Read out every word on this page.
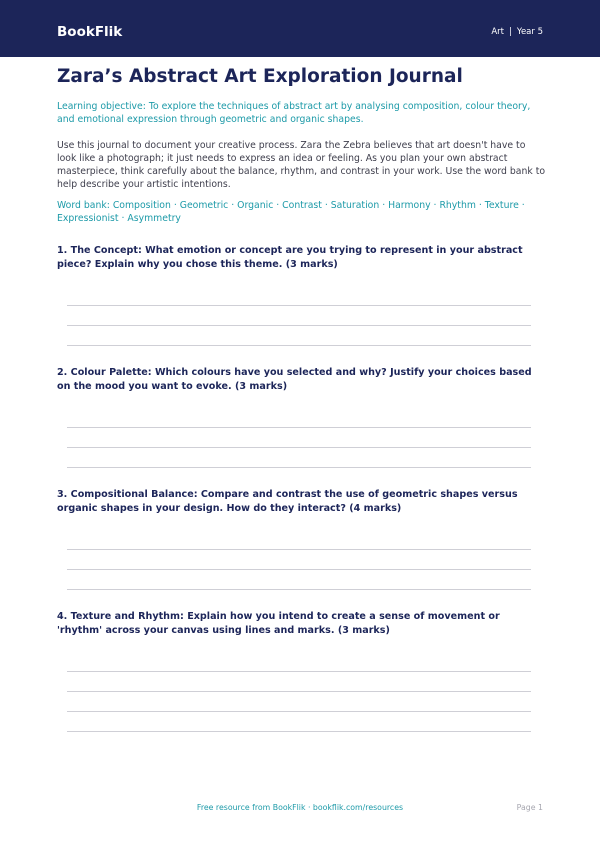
BookFlik	Art | Year 5
Zara’s Abstract Art Exploration Journal

Learning objective: To explore the techniques of abstract art by analysing composition, colour theory, and emotional expression through geometric and organic shapes.

Use this journal to document your creative process. Zara the Zebra believes that art doesn't have to look like a photograph; it just needs to express an idea or feeling. As you plan your own abstract masterpiece, think carefully about the balance, rhythm, and contrast in your work. Use the word bank to help describe your artistic intentions.

Word bank: Composition · Geometric · Organic · Contrast · Saturation · Harmony · Rhythm · Texture · Expressionist · Asymmetry

1. The Concept: What emotion or concept are you trying to represent in your abstract piece? Explain why you chose this theme. (3 marks)

2. Colour Palette: Which colours have you selected and why? Justify your choices based on the mood you want to evoke. (3 marks)

3. Compositional Balance: Compare and contrast the use of geometric shapes versus organic shapes in your design. How do they interact? (4 marks)

4. Texture and Rhythm: Explain how you intend to create a sense of movement or 'rhythm' across your canvas using lines and marks. (3 marks)

Free resource from BookFlik · bookflik.com/resources	Page 1
